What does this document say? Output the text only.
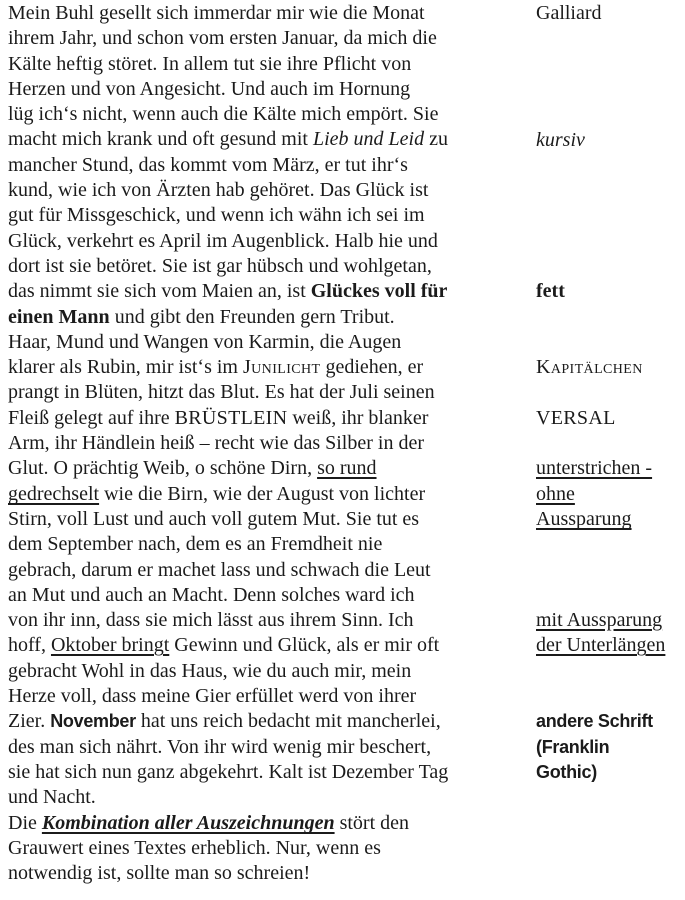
Mein Buhl gesellt sich immerdar mir wie die Monat
ihrem Jahr, und schon vom ersten Januar, da mich die
Kälte heftig störet. In allem tut sie ihre Pflicht von
Herzen und von Angesicht. Und auch im Hornung
lüg ich‘s nicht, wenn auch die Kälte mich empört. Sie
macht mich krank und oft gesund mit Lieb und Leid zu
mancher Stund, das kommt vom März, er tut ihr‘s
kund, wie ich von Ärzten hab gehöret. Das Glück ist
gut für Missgeschick, und wenn ich wähn ich sei im
Glück, verkehrt es April im Augenblick. Halb hie und
dort ist sie betöret. Sie ist gar hübsch und wohlgetan,
das nimmt sie sich vom Maien an, ist Glückes voll für
einen Mann und gibt den Freunden gern Tribut.
Haar, Mund und Wangen von Karmin, die Augen
klarer als Rubin, mir ist‘s im Junilicht gediehen, er
prangt in Blüten, hitzt das Blut. Es hat der Juli seinen
Fleiß gelegt auf ihre BRÜSTLEIN weiß, ihr blanker
Arm, ihr Händlein heiß – recht wie das Silber in der
Glut. O prächtig Weib, o schöne Dirn, so rund
gedrechselt wie die Birn, wie der August von lichter
Stirn, voll Lust und auch voll gutem Mut. Sie tut es
dem September nach, dem es an Fremdheit nie
gebrach, darum er machet lass und schwach die Leut
an Mut und auch an Macht. Denn solches ward ich
von ihr inn, dass sie mich lässt aus ihrem Sinn. Ich
hoff, Oktober bringt Gewinn und Glück, als er mir oft
gebracht Wohl in das Haus, wie du auch mir, mein
Herze voll, dass meine Gier erfüllet werd von ihrer
Zier. November hat uns reich bedacht mit mancherlei,
des man sich nährt. Von ihr wird wenig mir beschert,
sie hat sich nun ganz abgekehrt. Kalt ist Dezember Tag
und Nacht.
Die Kombination aller Auszeichnungen stört den
Grauwert eines Textes erheblich. Nur, wenn es
notwendig ist, sollte man so schreien!
Galliard
kursiv
fett
Kapitälchen
VERSAL
unterstrichen -
ohne
Aussparung
mit Aussparung
der Unterlängen
andere Schrift
(Franklin
Gothic)
